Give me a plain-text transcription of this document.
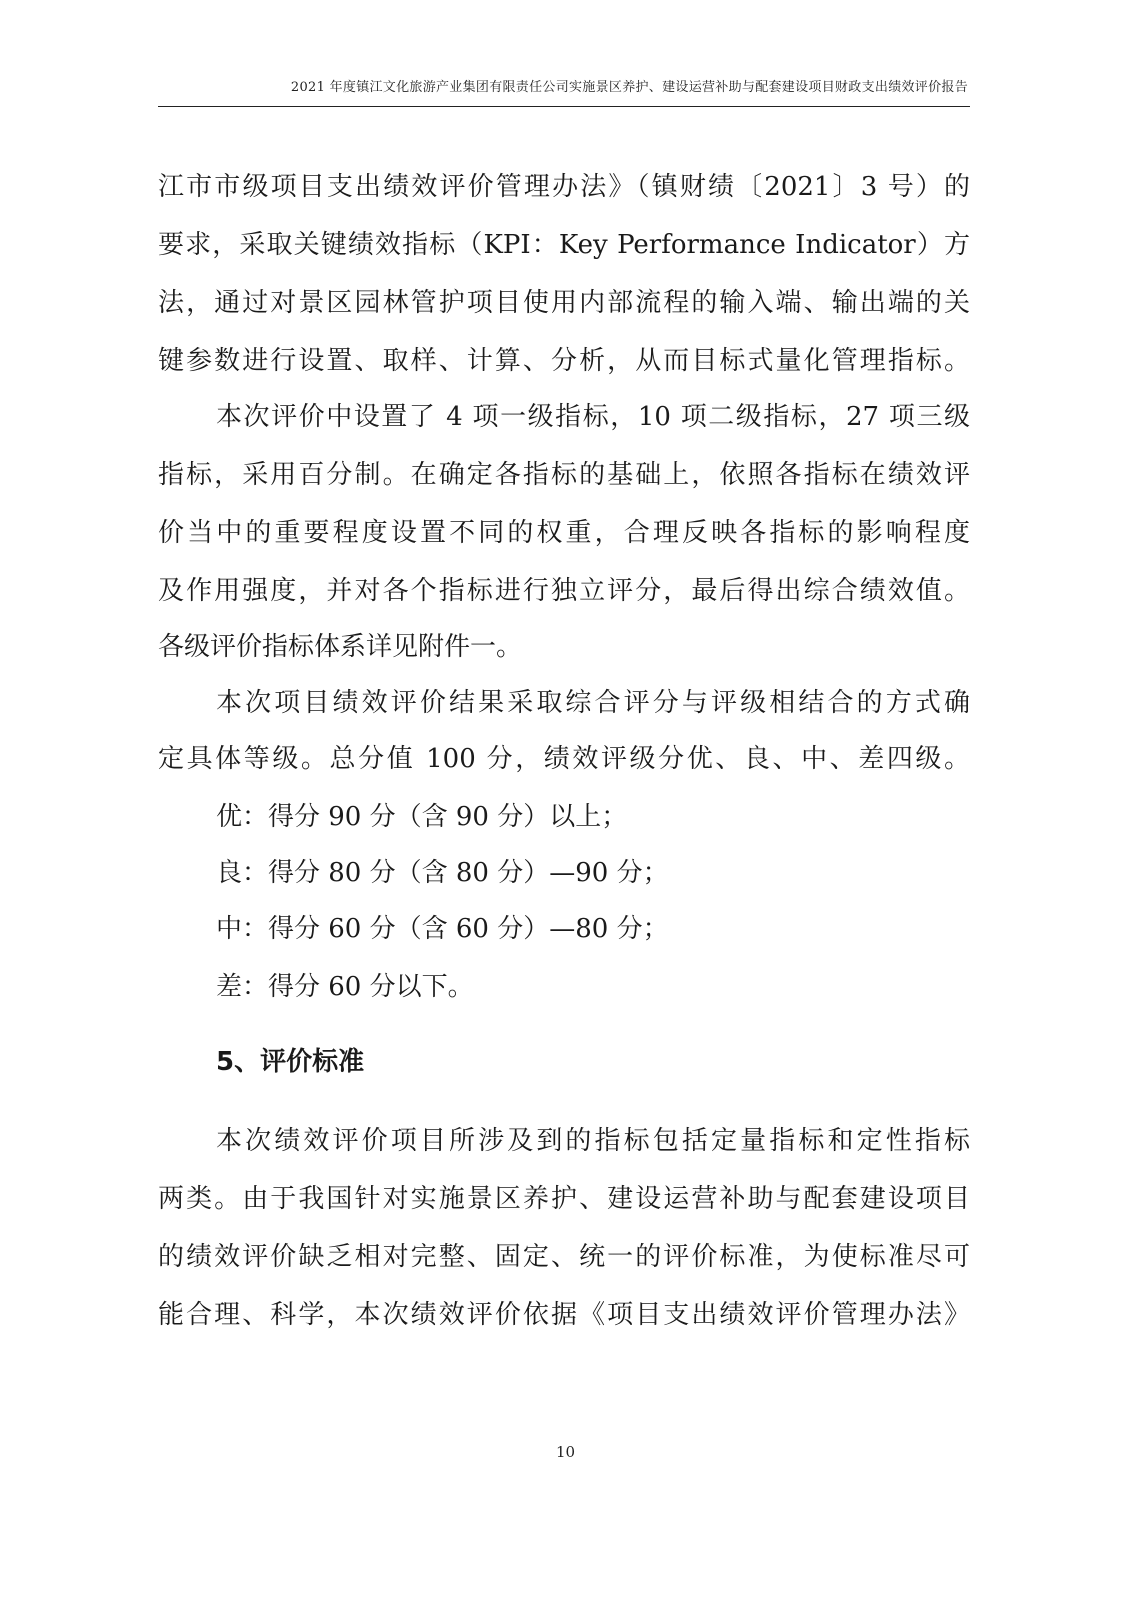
2021 年度镇江文化旅游产业集团有限责任公司实施景区养护、建设运营补助与配套建设项目财政支出绩效评价报告
江市市级项目支出绩效评价管理办法》（镇财绩〔2021〕3 号）的
要求，采取关键绩效指标（KPI：Key Performance Indicator）方
法，通过对景区园林管护项目使用内部流程的输入端、输出端的关
键参数进行设置、取样、计算、分析，从而目标式量化管理指标。
本次评价中设置了 4 项一级指标，10 项二级指标，27 项三级
指标，采用百分制。在确定各指标的基础上，依照各指标在绩效评
价当中的重要程度设置不同的权重，合理反映各指标的影响程度
及作用强度，并对各个指标进行独立评分，最后得出综合绩效值。
各级评价指标体系详见附件一。
本次项目绩效评价结果采取综合评分与评级相结合的方式确
定具体等级。总分值 100 分，绩效评级分优、良、中、差四级。
优：得分 90 分（含 90 分）以上；
良：得分 80 分（含 80 分）—90 分；
中：得分 60 分（含 60 分）—80 分；
差：得分 60 分以下。
5、评价标准
本次绩效评价项目所涉及到的指标包括定量指标和定性指标
两类。由于我国针对实施景区养护、建设运营补助与配套建设项目
的绩效评价缺乏相对完整、固定、统一的评价标准，为使标准尽可
能合理、科学，本次绩效评价依据《项目支出绩效评价管理办法》
10
